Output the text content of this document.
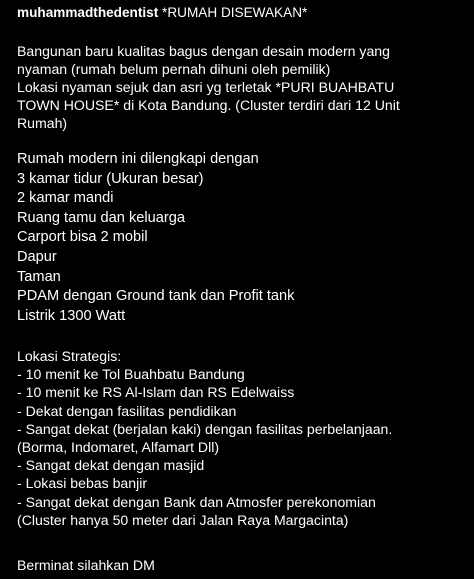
muhammadthedentist *RUMAH DISEWAKAN*
Bangunan baru kualitas bagus dengan desain modern yang
nyaman (rumah belum pernah dihuni oleh pemilik)
Lokasi nyaman sejuk dan asri yg terletak *PURI BUAHBATU
TOWN HOUSE* di Kota Bandung. (Cluster terdiri dari 12 Unit
Rumah)
Rumah modern ini dilengkapi dengan
3 kamar tidur (Ukuran besar)
2 kamar mandi
Ruang tamu dan keluarga
Carport bisa 2 mobil
Dapur
Taman
PDAM dengan Ground tank dan Profit tank
Listrik 1300 Watt
Lokasi Strategis:
- 10 menit ke Tol Buahbatu Bandung
- 10 menit ke RS Al-Islam dan RS Edelwaiss
- Dekat dengan fasilitas pendidikan
- Sangat dekat (berjalan kaki) dengan fasilitas perbelanjaan.
(Borma, Indomaret, Alfamart Dll)
- Sangat dekat dengan masjid
- Lokasi bebas banjir
- Sangat dekat dengan Bank dan Atmosfer perekonomian
(Cluster hanya 50 meter dari Jalan Raya Margacinta)
Berminat silahkan DM
